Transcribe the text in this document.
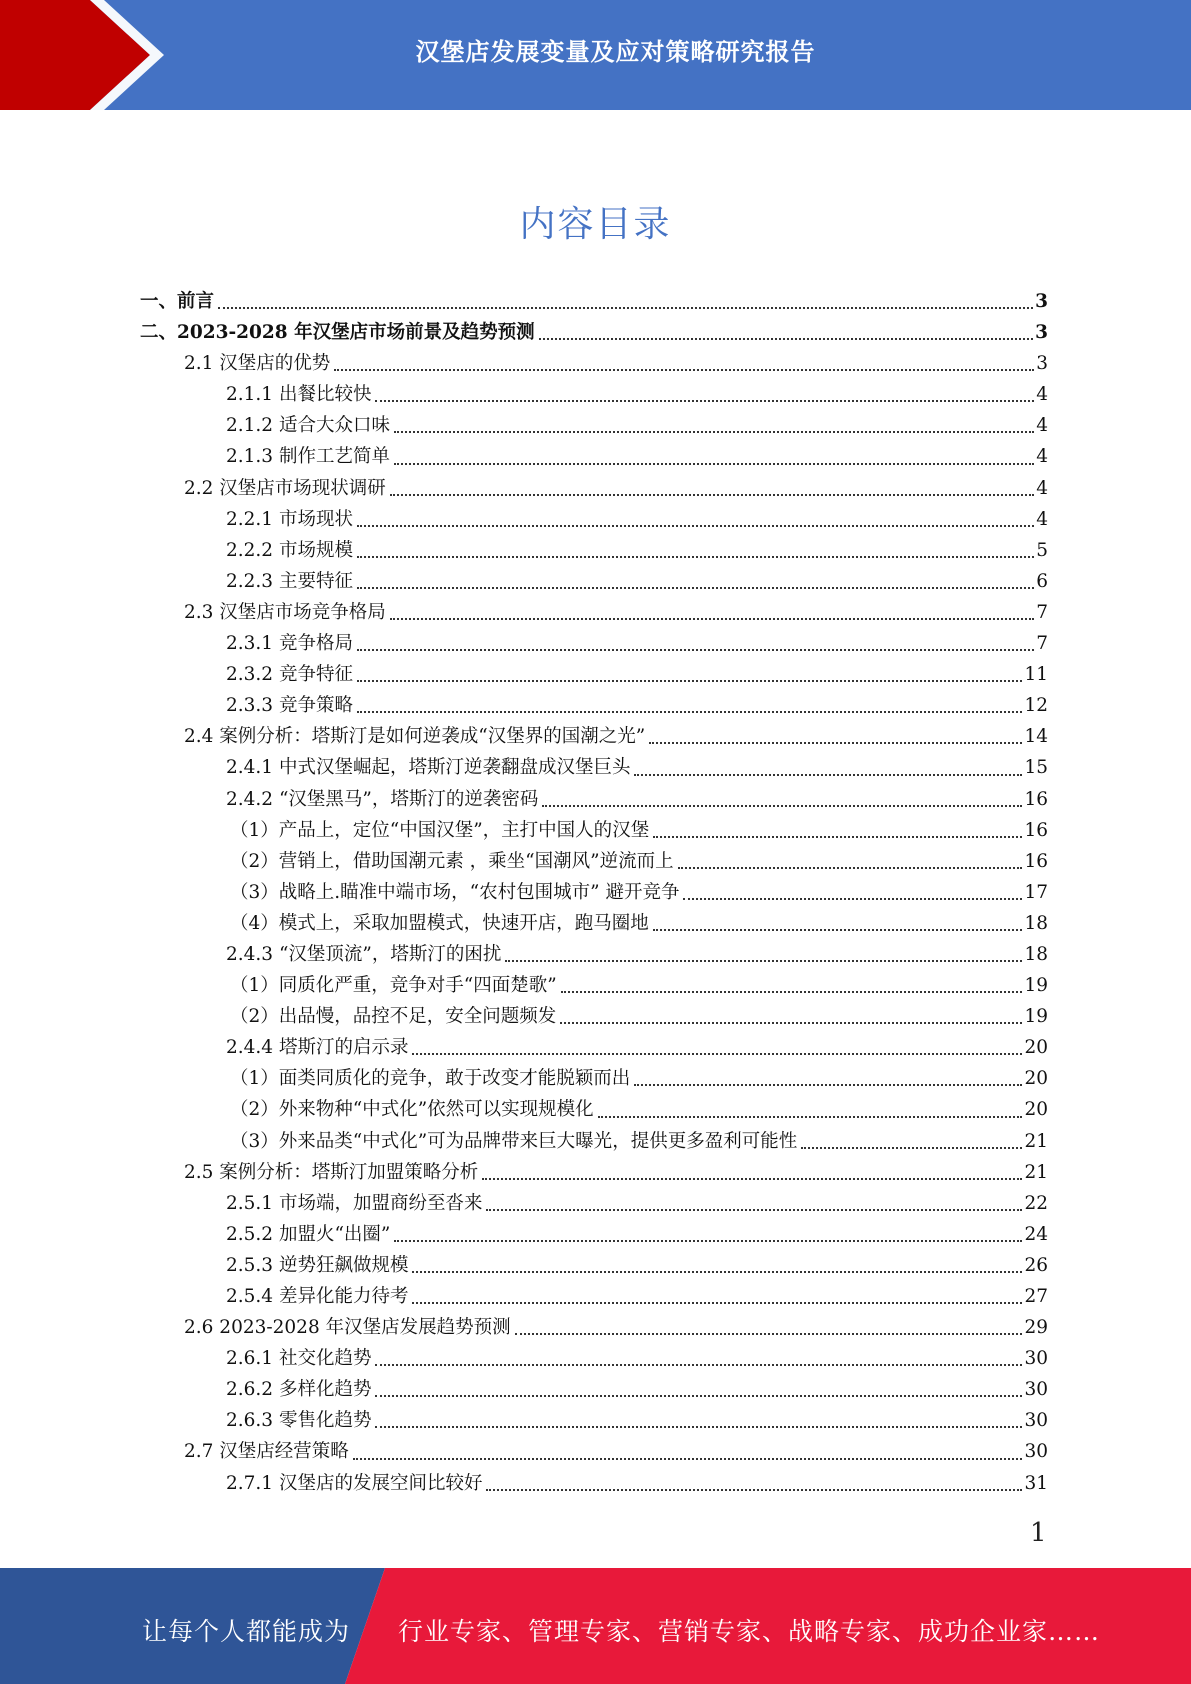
汉堡店发展变量及应对策略研究报告
内容目录
一、前言	3
二、2023-2028 年汉堡店市场前景及趋势预测	3
2.1 汉堡店的优势	3
2.1.1 出餐比较快	4
2.1.2 适合大众口味	4
2.1.3 制作工艺简单	4
2.2 汉堡店市场现状调研	4
2.2.1 市场现状	4
2.2.2 市场规模	5
2.2.3 主要特征	6
2.3 汉堡店市场竞争格局	7
2.3.1 竞争格局	7
2.3.2 竞争特征	11
2.3.3 竞争策略	12
2.4 案例分析：塔斯汀是如何逆袭成“汉堡界的国潮之光”	14
2.4.1 中式汉堡崛起，塔斯汀逆袭翻盘成汉堡巨头	15
2.4.2 “汉堡黑马”，塔斯汀的逆袭密码	16
（1）产品上，定位“中国汉堡”，主打中国人的汉堡	16
（2）营销上，借助国潮元素 ，乘坐“国潮风”逆流而上	16
（3）战略上.瞄准中端市场，“农村包围城市” 避开竞争	17
（4）模式上，采取加盟模式，快速开店，跑马圈地	18
2.4.3 “汉堡顶流”，塔斯汀的困扰	18
（1）同质化严重，竞争对手“四面楚歌”	19
（2）出品慢，品控不足，安全问题频发	19
2.4.4 塔斯汀的启示录	20
（1）面类同质化的竞争，敢于改变才能脱颖而出	20
（2）外来物种“中式化”依然可以实现规模化	20
（3）外来品类“中式化”可为品牌带来巨大曝光，提供更多盈利可能性	21
2.5 案例分析：塔斯汀加盟策略分析	21
2.5.1 市场端，加盟商纷至沓来	22
2.5.2 加盟火“出圈”	24
2.5.3 逆势狂飙做规模	26
2.5.4 差异化能力待考	27
2.6 2023-2028 年汉堡店发展趋势预测	29
2.6.1 社交化趋势	30
2.6.2 多样化趋势	30
2.6.3 零售化趋势	30
2.7 汉堡店经营策略	30
2.7.1 汉堡店的发展空间比较好	31
1
让每个人都能成为 行业专家、管理专家、营销专家、战略专家、成功企业家……
